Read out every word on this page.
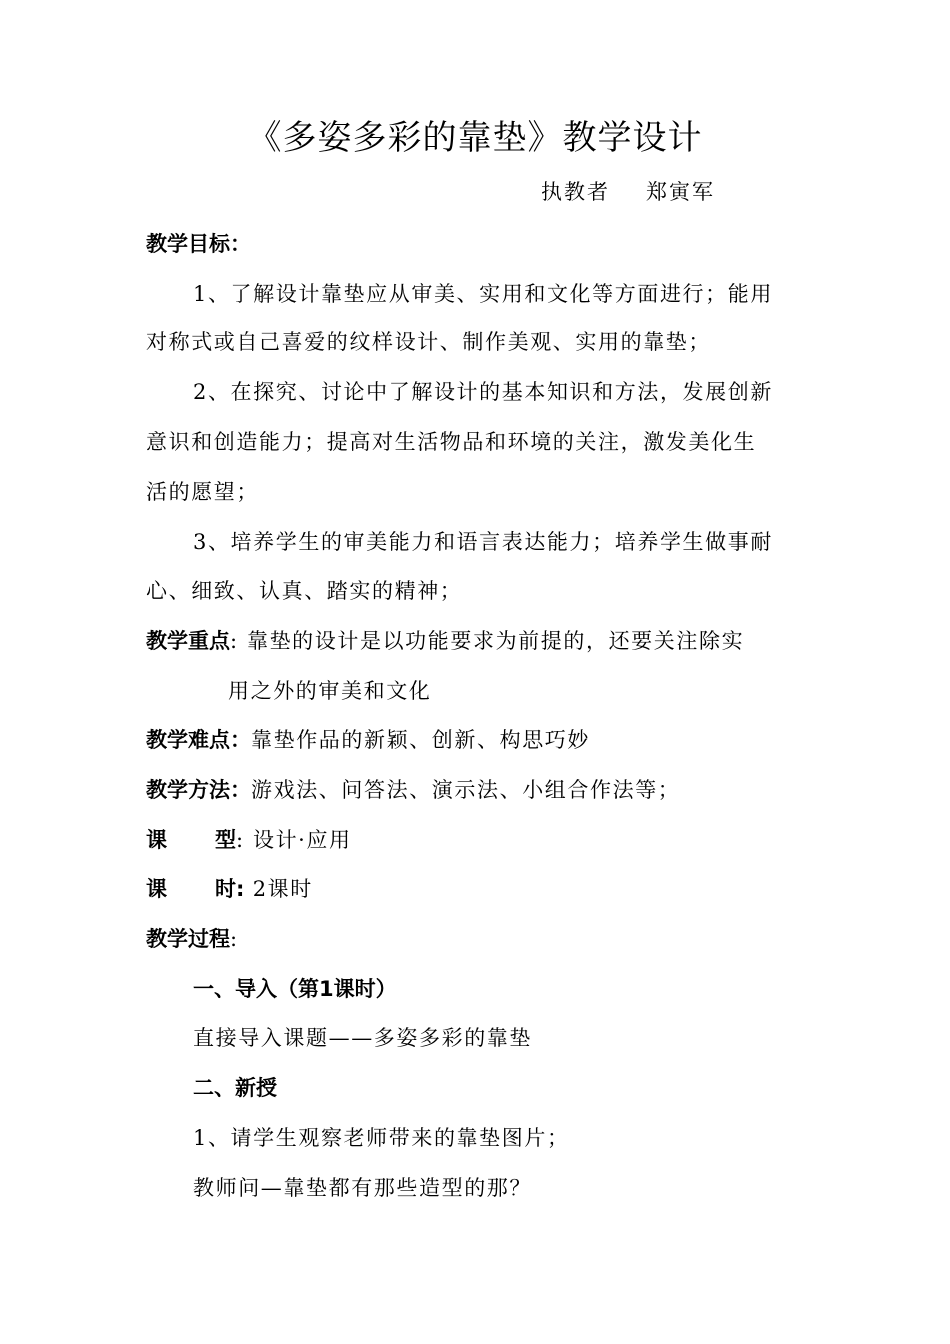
《多姿多彩的靠垫》教学设计
执教者 郑寅军
教学目标：
1、了解设计靠垫应从审美、实用和文化等方面进行；能用
对称式或自己喜爱的纹样设计、制作美观、实用的靠垫；
2、在探究、讨论中了解设计的基本知识和方法，发展创新
意识和创造能力；提高对生活物品和环境的关注，激发美化生
活的愿望；
3、培养学生的审美能力和语言表达能力；培养学生做事耐
心、细致、认真、踏实的精神；
教学重点: 靠垫的设计是以功能要求为前提的，还要关注除实
用之外的审美和文化
教学难点：靠垫作品的新颖、创新、构思巧妙
教学方法：游戏法、问答法、演示法、小组合作法等；
课 型: 设计·应用
课 时: 2课时
教学过程:
一、导入（第1课时）
直接导入课题——多姿多彩的靠垫
二、新授
1、请学生观察老师带来的靠垫图片；
教师问—靠垫都有那些造型的那？
